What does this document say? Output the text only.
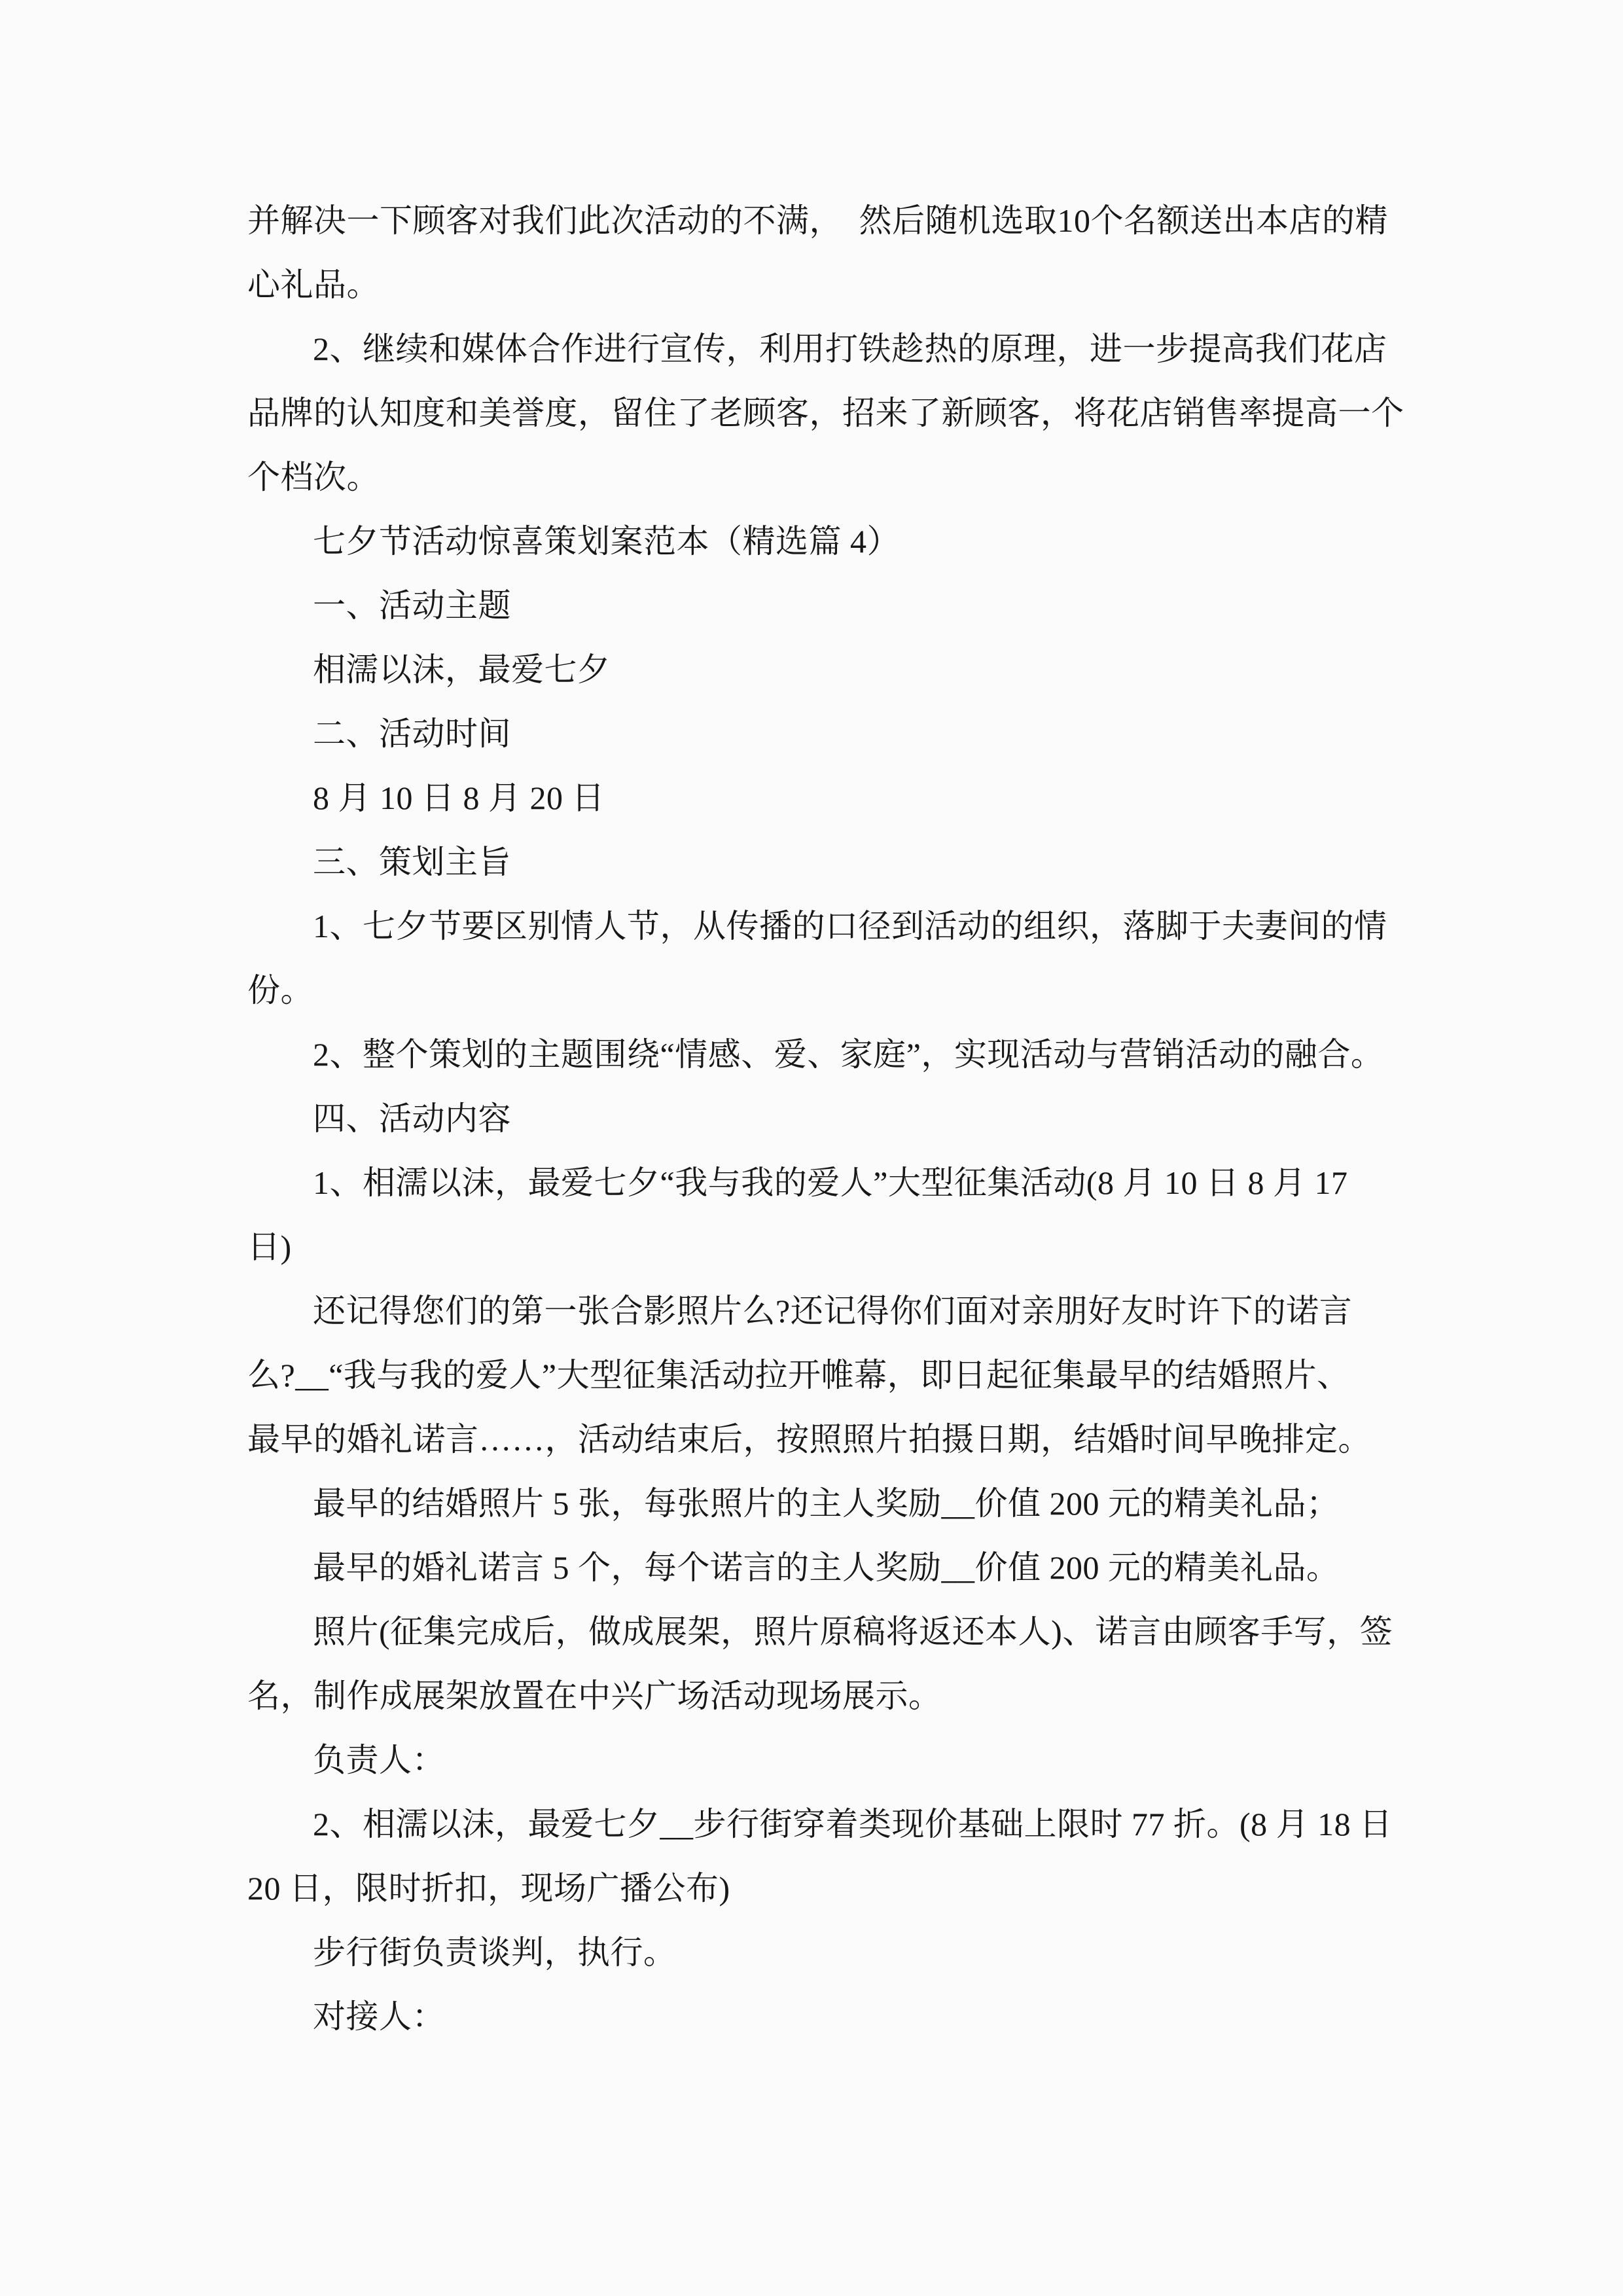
并解决一下顾客对我们此次活动的不满，　然后随机选取10个名额送出本店的精
心礼品。
2、继续和媒体合作进行宣传，利用打铁趁热的原理，进一步提高我们花店
品牌的认知度和美誉度，留住了老顾客，招来了新顾客，将花店销售率提高一个
个档次。
七夕节活动惊喜策划案范本（精选篇 4）
一、活动主题
相濡以沫，最爱七夕
二、活动时间
8 月 10 日 8 月 20 日
三、策划主旨
1、七夕节要区别情人节，从传播的口径到活动的组织，落脚于夫妻间的情
份。
2、整个策划的主题围绕“情感、爱、家庭”，实现活动与营销活动的融合。
四、活动内容
1、相濡以沫，最爱七夕“我与我的爱人”大型征集活动(8 月 10 日 8 月 17
日)
还记得您们的第一张合影照片么?还记得你们面对亲朋好友时许下的诺言
么?__“我与我的爱人”大型征集活动拉开帷幕，即日起征集最早的结婚照片、
最早的婚礼诺言……，活动结束后，按照照片拍摄日期，结婚时间早晚排定。
最早的结婚照片 5 张，每张照片的主人奖励__价值 200 元的精美礼品；
最早的婚礼诺言 5 个，每个诺言的主人奖励__价值 200 元的精美礼品。
照片(征集完成后，做成展架，照片原稿将返还本人)、诺言由顾客手写，签
名，制作成展架放置在中兴广场活动现场展示。
负责人：
2、相濡以沫，最爱七夕__步行街穿着类现价基础上限时 77 折。(8 月 18 日
20 日，限时折扣，现场广播公布)
步行街负责谈判，执行。
对接人：
